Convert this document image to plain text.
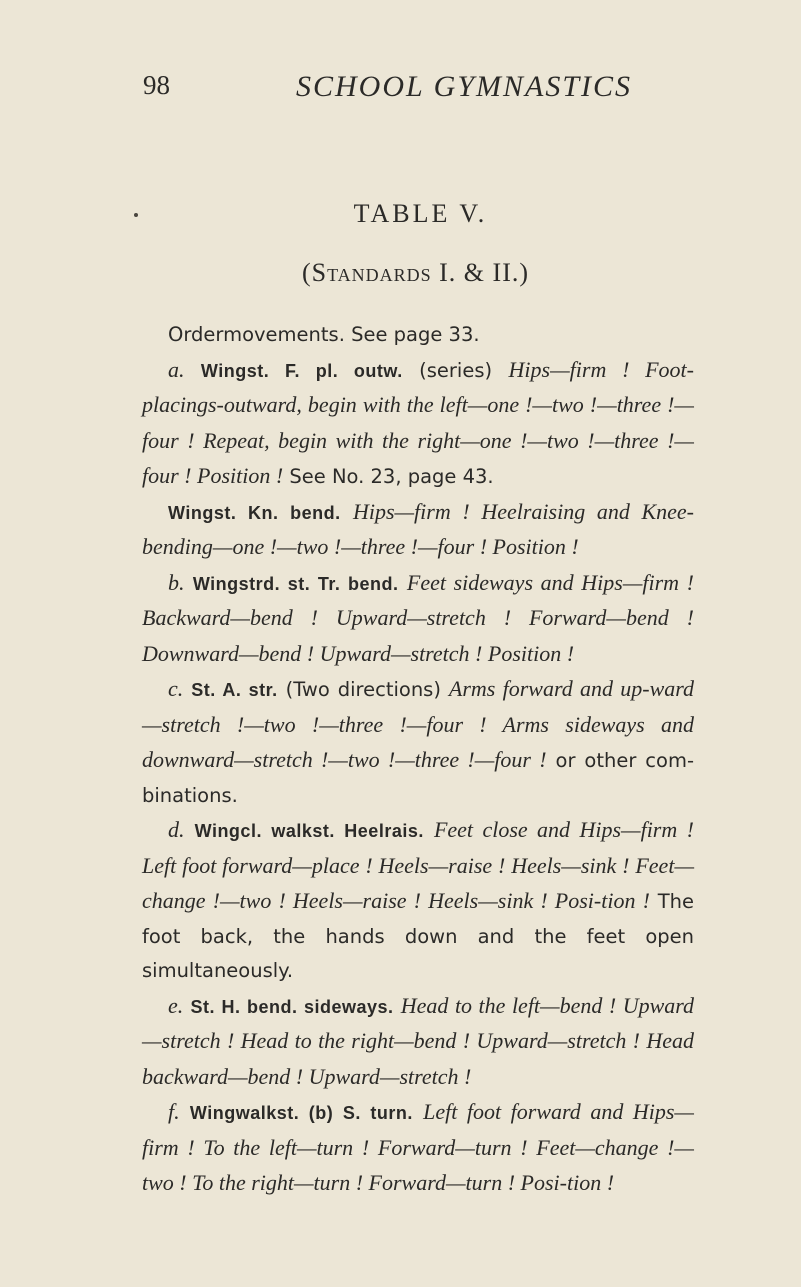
98	SCHOOL GYMNASTICS
TABLE V.
(Standards I. & II.)

Ordermovements. See page 33.

a. Wingst. F. pl. outw. (series) Hips—firm ! Foot-placings-outward, begin with the left—one !—two !—three !—four ! Repeat, begin with the right—one !—two !—three !—four ! Position ! See No. 23, page 43.

Wingst. Kn. bend. Hips—firm ! Heelraising and Knee-bending—one !—two !—three !—four ! Position !

b. Wingstrd. st. Tr. bend. Feet sideways and Hips—firm ! Backward—bend ! Upward—stretch ! Forward—bend ! Downward—bend ! Upward—stretch ! Position !

c. St. A. str. (Two directions) Arms forward and up-ward—stretch !—two !—three !—four ! Arms sideways and downward—stretch !—two !—three !—four ! or other com-binations.

d. Wingcl. walkst. Heelrais. Feet close and Hips—firm ! Left foot forward—place ! Heels—raise ! Heels—sink ! Feet—change !—two ! Heels—raise ! Heels—sink ! Posi-tion ! The foot back, the hands down and the feet open simultaneously.

e. St. H. bend. sideways. Head to the left—bend ! Upward—stretch ! Head to the right—bend ! Upward—stretch ! Head backward—bend ! Upward—stretch !

f. Wingwalkst. (b) S. turn. Left foot forward and Hips—firm ! To the left—turn ! Forward—turn ! Feet—change !—two ! To the right—turn ! Forward—turn ! Posi-tion !
